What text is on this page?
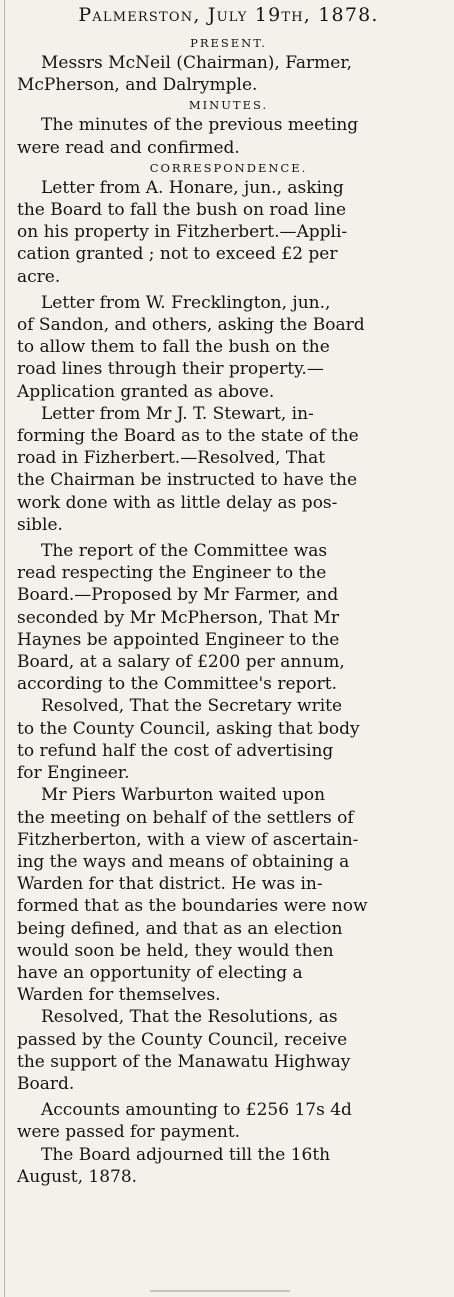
Palmerston, July 19th, 1878.
PRESENT.

Messrs McNeil (Chairman), Farmer,
McPherson, and Dalrymple.

MINUTES.

The minutes of the previous meeting
were read and confirmed.

CORRESPONDENCE.

Letter from A. Honare, jun., asking
the Board to fall the bush on road line
on his property in Fitzherbert.—Appli-
cation granted ; not to exceed £2 per
acre.

Letter from W. Frecklington, jun.,
of Sandon, and others, asking the Board
to allow them to fall the bush on the
road lines through their property.—
Application granted as above.

Letter from Mr J. T. Stewart, in-
forming the Board as to the state of the
road in Fizherbert.—Resolved, That
the Chairman be instructed to have the
work done with as little delay as pos-
sible.

The report of the Committee was
read respecting the Engineer to the
Board.—Proposed by Mr Farmer, and
seconded by Mr McPherson, That Mr
Haynes be appointed Engineer to the
Board, at a salary of £200 per annum,
according to the Committee's report.

Resolved, That the Secretary write
to the County Council, asking that body
to refund half the cost of advertising
for Engineer.

Mr Piers Warburton waited upon
the meeting on behalf of the settlers of
Fitzherberton, with a view of ascertain-
ing the ways and means of obtaining a
Warden for that district. He was in-
formed that as the boundaries were now
being defined, and that as an election
would soon be held, they would then
have an opportunity of electing a
Warden for themselves.

Resolved, That the Resolutions, as
passed by the County Council, receive
the support of the Manawatu Highway
Board.

Accounts amounting to £256 17s 4d
were passed for payment.

The Board adjourned till the 16th
August, 1878.
